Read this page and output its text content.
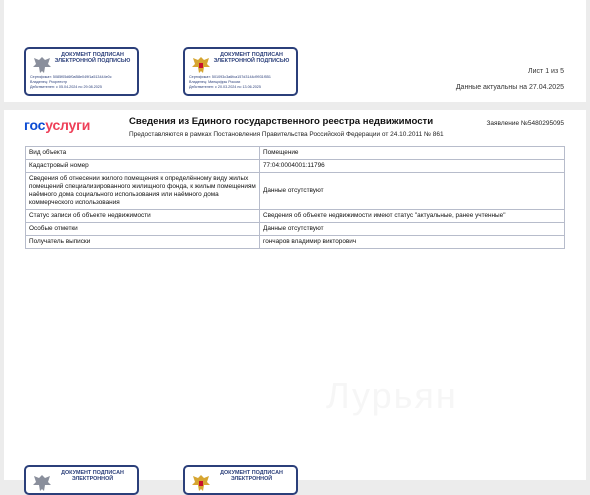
ДОКУМЕНТ ПОДПИСАН ЭЛЕКТРОННОЙ ПОДПИСЬЮ
Сертификат: 5085f05d6f0aB8e049f1a513444e0c
Владелец: Росреестр
Действителен: с 05.04.2024 по 29.08.2025
ДОКУМЕНТ ПОДПИСАН ЭЛЕКТРОННОЙ ПОДПИСЬЮ
Сертификат: 501093c3a6fca157d3144d9931f551
Владелец: Минцифры России
Действителен: с 20.03.2024 по 13.06.2025
Лист 1 из 5
Данные актуальны на 27.04.2025
госуслуги	Сведения из Единого государственного реестра недвижимости
Предоставляются в рамках Постановления Правительства Российской Федерации от 24.10.2011 № 861
Заявление №5480295095
Вид объекта	Помещение
Кадастровый номер	77:04:0004001:11796
Сведения об отнесении жилого помещения к определённому виду жилых помещений специализированного жилищного фонда, к жилым помещениям наёмного дома социального использования или наёмного дома коммерческого использования	Данные отсутствуют
Статус записи об объекте недвижимости	Сведения об объекте недвижимости имеют статус "актуальные, ранее учтенные"
Особые отметки	Данные отсутствуют
Получатель выписки	гончаров владимир викторович
Лурьян
ДОКУМЕНТ ПОДПИСАН ЭЛЕКТРОННОЙ
ДОКУМЕНТ ПОДПИСАН ЭЛЕКТРОННОЙ
